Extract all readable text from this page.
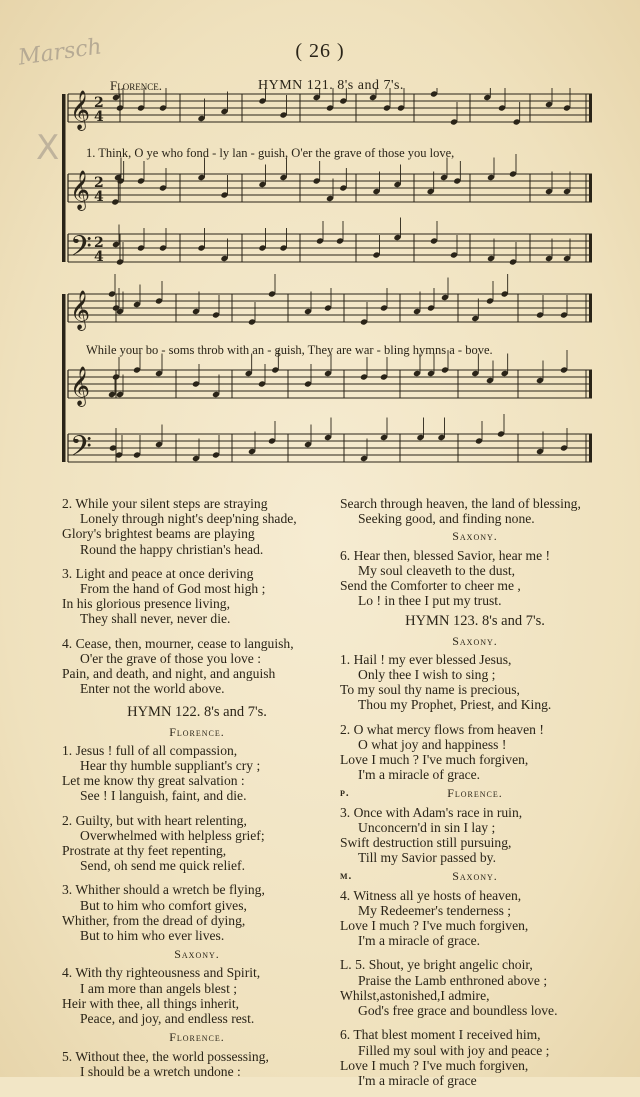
Marsch
X
( 26 )
Florence.	HYMN 121. 8's and 7's.
𝄞 2
4
𝄞 2
4
𝄢 2
4
𝄞
𝄞
𝄢
1. Think, O ye who fond - ly lan - guish, O'er the grave of those you love,
While your bo - soms throb with an - guish, They are war - bling hymns a - bove.
2. While your silent steps are straying
Lonely through night's deep'ning shade,
Glory's brightest beams are playing
Round the happy christian's head.
3. Light and peace at once deriving
From the hand of God most high ;
In his glorious presence living,
They shall never, never die.
4. Cease, then, mourner, cease to languish,
O'er the grave of those you love :
Pain, and death, and night, and anguish
Enter not the world above.
HYMN 122. 8's and 7's.
Florence.
1. Jesus ! full of all compassion,
Hear thy humble suppliant's cry ;
Let me know thy great salvation :
See ! I languish, faint, and die.
2. Guilty, but with heart relenting,
Overwhelmed with helpless grief;
Prostrate at thy feet repenting,
Send, oh send me quick relief.
3. Whither should a wretch be flying,
But to him who comfort gives,
Whither, from the dread of dying,
But to him who ever lives.
Saxony.
4. With thy righteousness and Spirit,
I am more than angels blest ;
Heir with thee, all things inherit,
Peace, and joy, and endless rest.
Florence.
5. Without thee, the world possessing,
I should be a wretch undone :
Search through heaven, the land of blessing,
Seeking good, and finding none.
Saxony.
6. Hear then, blessed Savior, hear me !
My soul cleaveth to the dust,
Send the Comforter to cheer me ,
Lo ! in thee I put my trust.
HYMN 123. 8's and 7's.
Saxony.
1. Hail ! my ever blessed Jesus,
Only thee I wish to sing ;
To my soul thy name is precious,
Thou my Prophet, Priest, and King.
2. O what mercy flows from heaven !
O what joy and happiness !
Love I much ? I've much forgiven,
I'm a miracle of grace.
p.	Florence.
3. Once with Adam's race in ruin,
Unconcern'd in sin I lay ;
Swift destruction still pursuing,
Till my Savior passed by.
m.	Saxony.
4. Witness all ye hosts of heaven,
My Redeemer's tenderness ;
Love I much ? I've much forgiven,
I'm a miracle of grace.
L. 5. Shout, ye bright angelic choir,
Praise the Lamb enthroned above ;
Whilst,astonished,I admire,
God's free grace and boundless love.
6. That blest moment I received him,
Filled my soul with joy and peace ;
Love I much ? I've much forgiven,
I'm a miracle of grace
